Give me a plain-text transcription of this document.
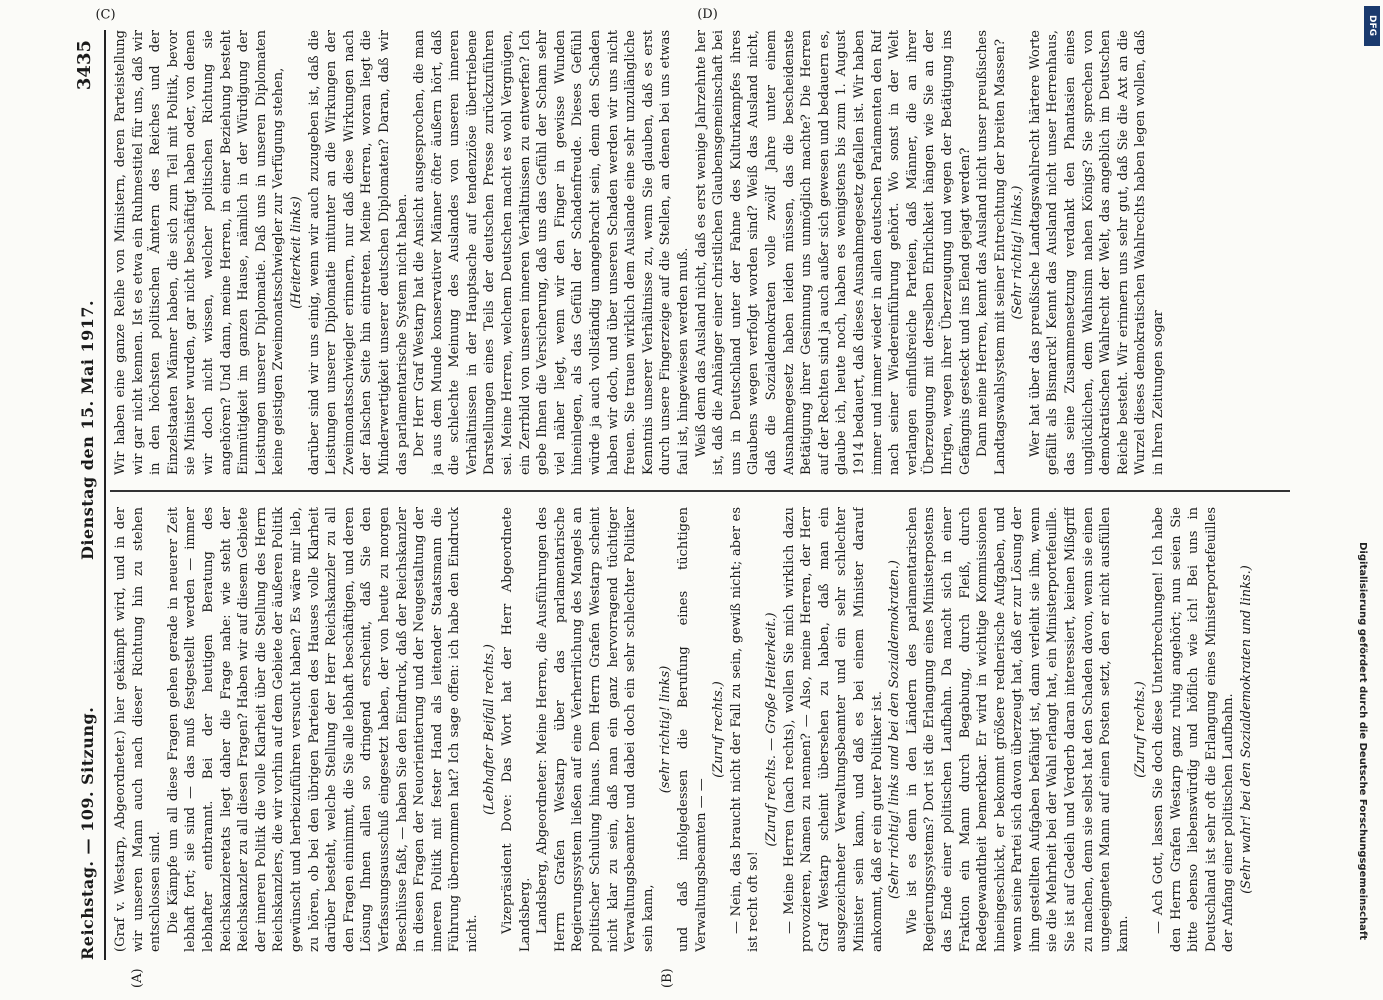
Reichstag. — 109. Sitzung.
Dienstag den 15. Mai 1917.
3435
(A)	(B)
(C)	(D)

(Graf v. Westarp, Abgeordneter.) hier gekämpft wird, und in der wir unseren Mann auch nach dieser Richtung hin zu stehen entschlossen sind. Die Kämpfe um all diese Fragen gehen gerade in neuerer Zeit lebhaft fort; sie sind — das muß festgestellt werden — immer lebhafter entbrannt. Bei der heutigen Beratung des Reichskanzleretats liegt daher die Frage nahe: wie steht der Reichskanzler zu all diesen Fragen? Haben wir auf diesem Gebiete der inneren Politik die volle Klarheit über die Stellung des Herrn Reichskanzlers, die wir vorhin auf dem Gebiete der äußeren Politik gewünscht und herbeizuführen versucht haben? Es wäre mir lieb, zu hören, ob bei den übrigen Parteien des Hauses volle Klarheit darüber besteht, welche Stellung der Herr Reichskanzler zu all den Fragen einnimmt, die Sie alle lebhaft beschäftigen, und deren Lösung Ihnen allen so dringend erscheint, daß Sie den Verfassungsausschuß eingesetzt haben, der von heute zu morgen Beschlüsse faßt, — haben Sie den Eindruck, daß der Reichskanzler in diesen Fragen der Neuorientierung und der Neugestaltung der inneren Politik mit fester Hand als leitender Staatsmann die Führung übernommen hat? Ich sage offen: ich habe den Eindruck nicht.

(Lebhafter Beifall rechts.) Vizepräsident Dove: Das Wort hat der Herr Abgeordnete Landsberg. Landsberg, Abgeordneter: Meine Herren, die Ausführungen des Herrn Grafen Westarp über das parlamentarische Regierungssystem ließen auf eine Verherrlichung des Mangels an politischer Schulung hinaus. Dem Herrn Grafen Westarp scheint nicht klar zu sein, daß man ein ganz hervorragend tüchtiger Verwaltungsbeamter und dabei doch ein sehr schlechter Politiker sein kann,

(sehr richtig! links) und daß infolgedessen die Berufung eines tüchtigen Verwaltungsbeamten — —

(Zuruf rechts.) — Nein, das braucht nicht der Fall zu sein, gewiß nicht; aber es ist recht oft so!

(Zuruf rechts. — Große Heiterkeit.) — Meine Herren (nach rechts), wollen Sie mich wirklich dazu provozieren, Namen zu nennen? — Also, meine Herren, der Herr Graf Westarp scheint übersehen zu haben, daß man ein ausgezeichneter Verwaltungsbeamter und ein sehr schlechter Minister sein kann, und daß es bei einem Minister darauf ankommt, daß er ein guter Politiker ist. (Sehr richtig! links und bei den Sozialdemokraten.) Wie ist es denn in den Ländern des parlamentarischen Regierungssystems? Dort ist die Erlangung eines Ministerpostens das Ende einer politischen Laufbahn. Da macht sich in einer Fraktion ein Mann durch Begabung, durch Fleiß, durch Redegewandtheit bemerkbar. Er wird in wichtige Kommissionen hineingeschickt, er bekommt größere rednerische Aufgaben, und wenn seine Partei sich davon überzeugt hat, daß er zur Lösung der ihm gestellten Aufgaben befähigt ist, dann verleiht sie ihm, wenn sie die Mehrheit bei der Wahl erlangt hat, ein Ministerportefeuille. Sie ist auf Gedeih und Verderb daran interessiert, keinen Mißgriff zu machen, denn sie selbst hat den Schaden davon, wenn sie einen ungeeigneten Mann auf einen Posten setzt, den er nicht ausfüllen kann.

(Zuruf rechts.) — Ach Gott, lassen Sie doch diese Unterbrechungen! Ich habe den Herrn Grafen Westarp ganz ruhig angehört; nun seien Sie bitte ebenso liebenswürdig und höflich wie ich! Bei uns in Deutschland ist sehr oft die Erlangung eines Ministerportefeuilles der Anfang einer politischen Laufbahn. (Sehr wahr! bei den Sozialdemokraten und links.)

Wir haben eine ganze Reihe von Ministern, deren Parteistellung wir gar nicht kennen. Ist es etwa ein Ruhmestitel für uns, daß wir in den höchsten politischen Ämtern des Reiches und der Einzelstaaten Männer haben, die sich zum Teil mit Politik, bevor sie Minister wurden, gar nicht beschäftigt haben oder, von denen wir doch nicht wissen, welcher politischen Richtung sie angehören? Und dann, meine Herren, in einer Beziehung besteht Einmütigkeit im ganzen Hause, nämlich in der Würdigung der Leistungen unserer Diplomatie. Daß uns in unseren Diplomaten keine geistigen Zweimonatsschwiegler zur Verfügung stehen, (Heiterkeit links) darüber sind wir uns einig, wenn wir auch zuzugeben ist, daß die Leistungen unserer Diplomatie mitunter an die Wirkungen der Zweimonatsschwiegler erinnern, nur daß diese Wirkungen nach der falschen Seite hin eintreten. Meine Herren, woran liegt die Minderwertigkeit unserer deutschen Diplomaten? Daran, daß wir das parlamentarische System nicht haben. Der Herr Graf Westarp hat die Ansicht ausgesprochen, die man ja aus dem Munde konservativer Männer öfter äußern hört, daß die schlechte Meinung des Auslandes von unseren inneren Verhältnissen in der Hauptsache auf tendenziöse übertriebene Darstellungen eines Teils der deutschen Presse zurückzuführen sei. Meine Herren, welchem Deutschen macht es wohl Vergnügen, ein Zerrbild von unseren inneren Verhältnissen zu entwerfen? Ich gebe Ihnen die Versicherung, daß uns das Gefühl der Scham sehr viel näher liegt, wenn wir den Finger in gewisse Wunden hineinlegen, als das Gefühl der Schadenfreude. Dieses Gefühl würde ja auch vollständig unangebracht sein, denn den Schaden haben wir doch, und über unseren Schaden werden wir uns nicht freuen. Sie trauen wirklich dem Auslande eine sehr unzulängliche Kenntnis unserer Verhältnisse zu, wenn Sie glauben, daß es erst durch unsere Fingerzeige auf die Stellen, an denen bei uns etwas faul ist, hingewiesen werden muß. Weiß denn das Ausland nicht, daß es erst wenige Jahrzehnte her ist, daß die Anhänger einer christlichen Glaubensgemeinschaft bei uns in Deutschland unter der Fahne des Kulturkampfes ihres Glaubens wegen verfolgt worden sind? Weiß das Ausland nicht, daß die Sozialdemokraten volle zwölf Jahre unter einem Ausnahmegesetz haben leiden müssen, das die bescheidenste Betätigung ihrer Gesinnung uns unmöglich machte? Die Herren auf der Rechten sind ja auch außer sich gewesen und bedauern es, glaube ich, heute noch, haben es wenigstens bis zum 1. August 1914 bedauert, daß dieses Ausnahmegesetz gefallen ist. Wir haben immer und immer wieder in allen deutschen Parlamenten den Ruf nach seiner Wiedereinführung gehört. Wo sonst in der Welt verlangen einflußreiche Parteien, daß Männer, die an ihrer Überzeugung mit derselben Ehrlichkeit hängen wie Sie an der Ihrigen, wegen ihrer Überzeugung und wegen der Betätigung ins Gefängnis gesteckt und ins Elend gejagt werden? Dann meine Herren, kennt das Ausland nicht unser preußisches Landtagswahlsystem mit seiner Entrechtung der breiten Massen? (Sehr richtig! links.) Wer hat über das preußische Landtagswahlrecht härtere Worte gefällt als Bismarck! Kennt das Ausland nicht unser Herrenhaus, das seine Zusammensetzung verdankt den Phantasien eines unglücklichen, dem Wahnsinn nahen Königs? Sie sprechen von demokratischen Wahlrecht der Welt, das angeblich im Deutschen Reiche besteht. Wir erinnern uns sehr gut, daß Sie die Axt an die Wurzel dieses demokratischen Wahlrechts haben legen wollen, daß in Ihren Zeitungen sogar

Digitalisierung gefördert durch die Deutsche Forschungsgemeinschaft
DFG
